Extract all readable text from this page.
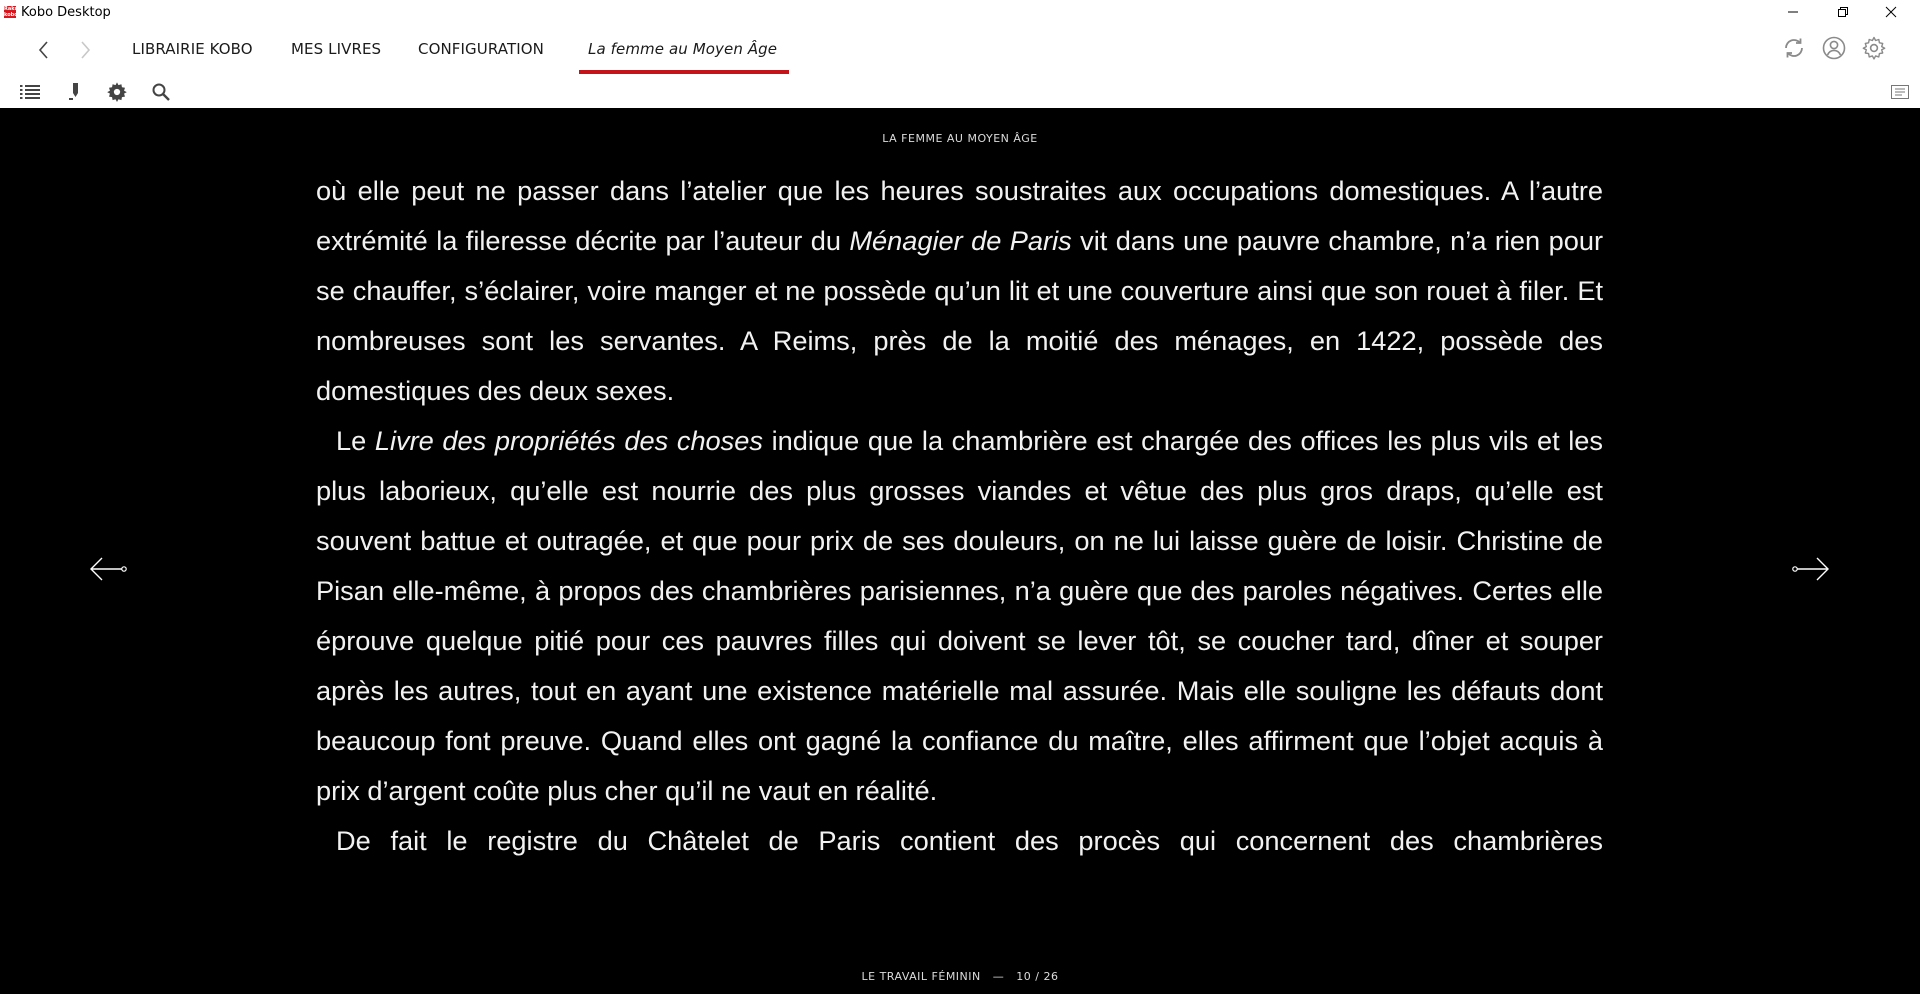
Rakuten kobo Kobo Desktop
LIBRAIRIE KOBO	MES LIVRES CONFIGURATION	La femme au Moyen Âge
LA FEMME AU MOYEN ÂGE

où elle peut ne passer dans l’atelier que les heures soustraites aux occupations domestiques. A l’autre extrémité la fileresse décrite par l’auteur du Ménagier de Paris vit dans une pauvre chambre, n’a rien pour se chauffer, s’éclairer, voire manger et ne possède qu’un lit et une couverture ainsi que son rouet à filer. Et nombreuses sont les servantes. A Reims, près de la moitié des ménages, en 1422, possède des domestiques des deux sexes.

Le Livre des propriétés des choses indique que la chambrière est chargée des offices les plus vils et les plus laborieux, qu’elle est nourrie des plus grosses viandes et vêtue des plus gros draps, qu’elle est souvent battue et outragée, et que pour prix de ses douleurs, on ne lui laisse guère de loisir. Christine de Pisan elle-même, à propos des chambrières parisiennes, n’a guère que des paroles négatives. Certes elle éprouve quelque pitié pour ces pauvres filles qui doivent se lever tôt, se coucher tard, dîner et souper après les autres, tout en ayant une existence matérielle mal assurée. Mais elle souligne les défauts dont beaucoup font preuve. Quand elles ont gagné la confiance du maître, elles affirment que l’objet acquis à prix d’argent coûte plus cher qu’il ne vaut en réalité.

De fait le registre du Châtelet de Paris contient des procès qui concernent des chambrières

LE TRAVAIL FÉMININ — 10 / 26
